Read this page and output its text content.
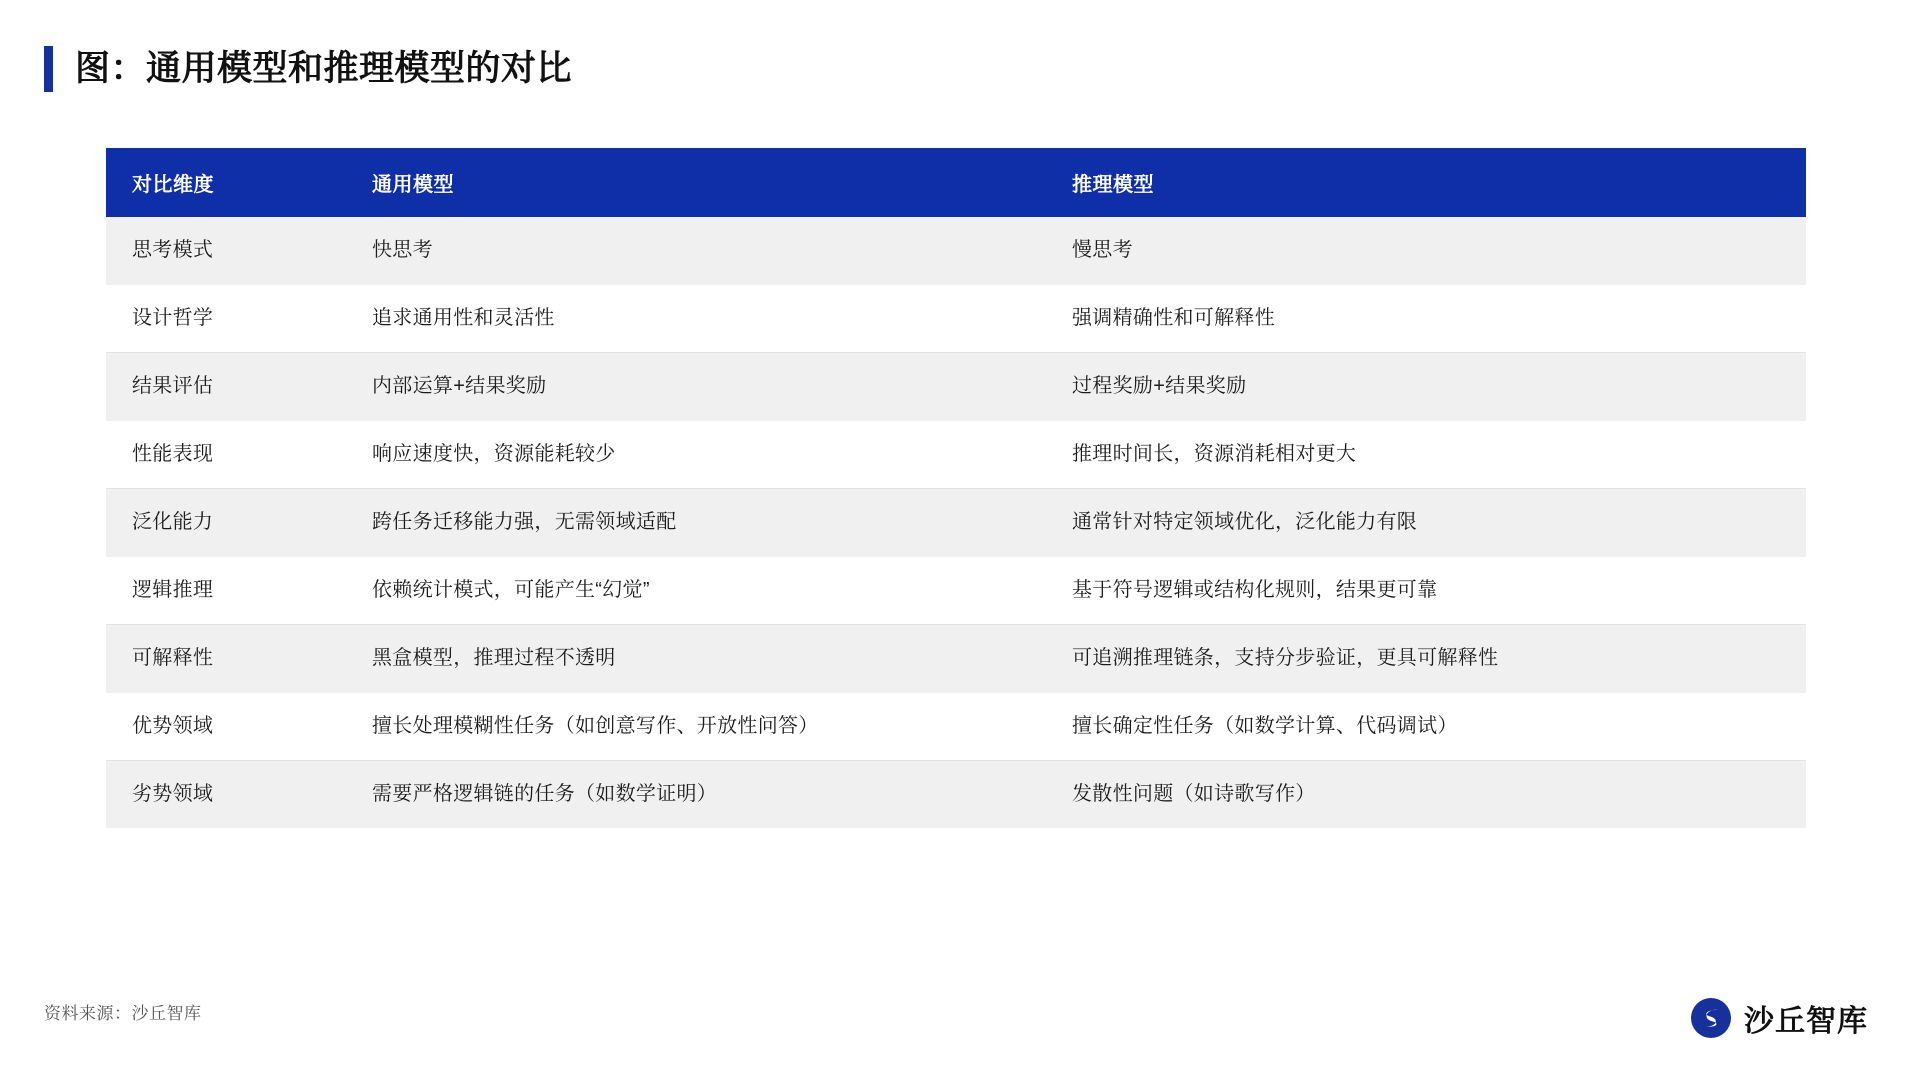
图：通用模型和推理模型的对比
对比维度	通用模型	推理模型
思考模式	快思考	慢思考
设计哲学	追求通用性和灵活性	强调精确性和可解释性
结果评估	内部运算+结果奖励	过程奖励+结果奖励
性能表现	响应速度快，资源能耗较少	推理时间长，资源消耗相对更大
泛化能力	跨任务迁移能力强，无需领域适配	通常针对特定领域优化，泛化能力有限
逻辑推理	依赖统计模式，可能产生“幻觉”	基于符号逻辑或结构化规则，结果更可靠
可解释性	黑盒模型，推理过程不透明	可追溯推理链条，支持分步验证，更具可解释性
优势领域	擅长处理模糊性任务（如创意写作、开放性问答）	擅长确定性任务（如数学计算、代码调试）
劣势领域	需要严格逻辑链的任务（如数学证明）	发散性问题（如诗歌写作）
资料来源：沙丘智库	沙丘智库
